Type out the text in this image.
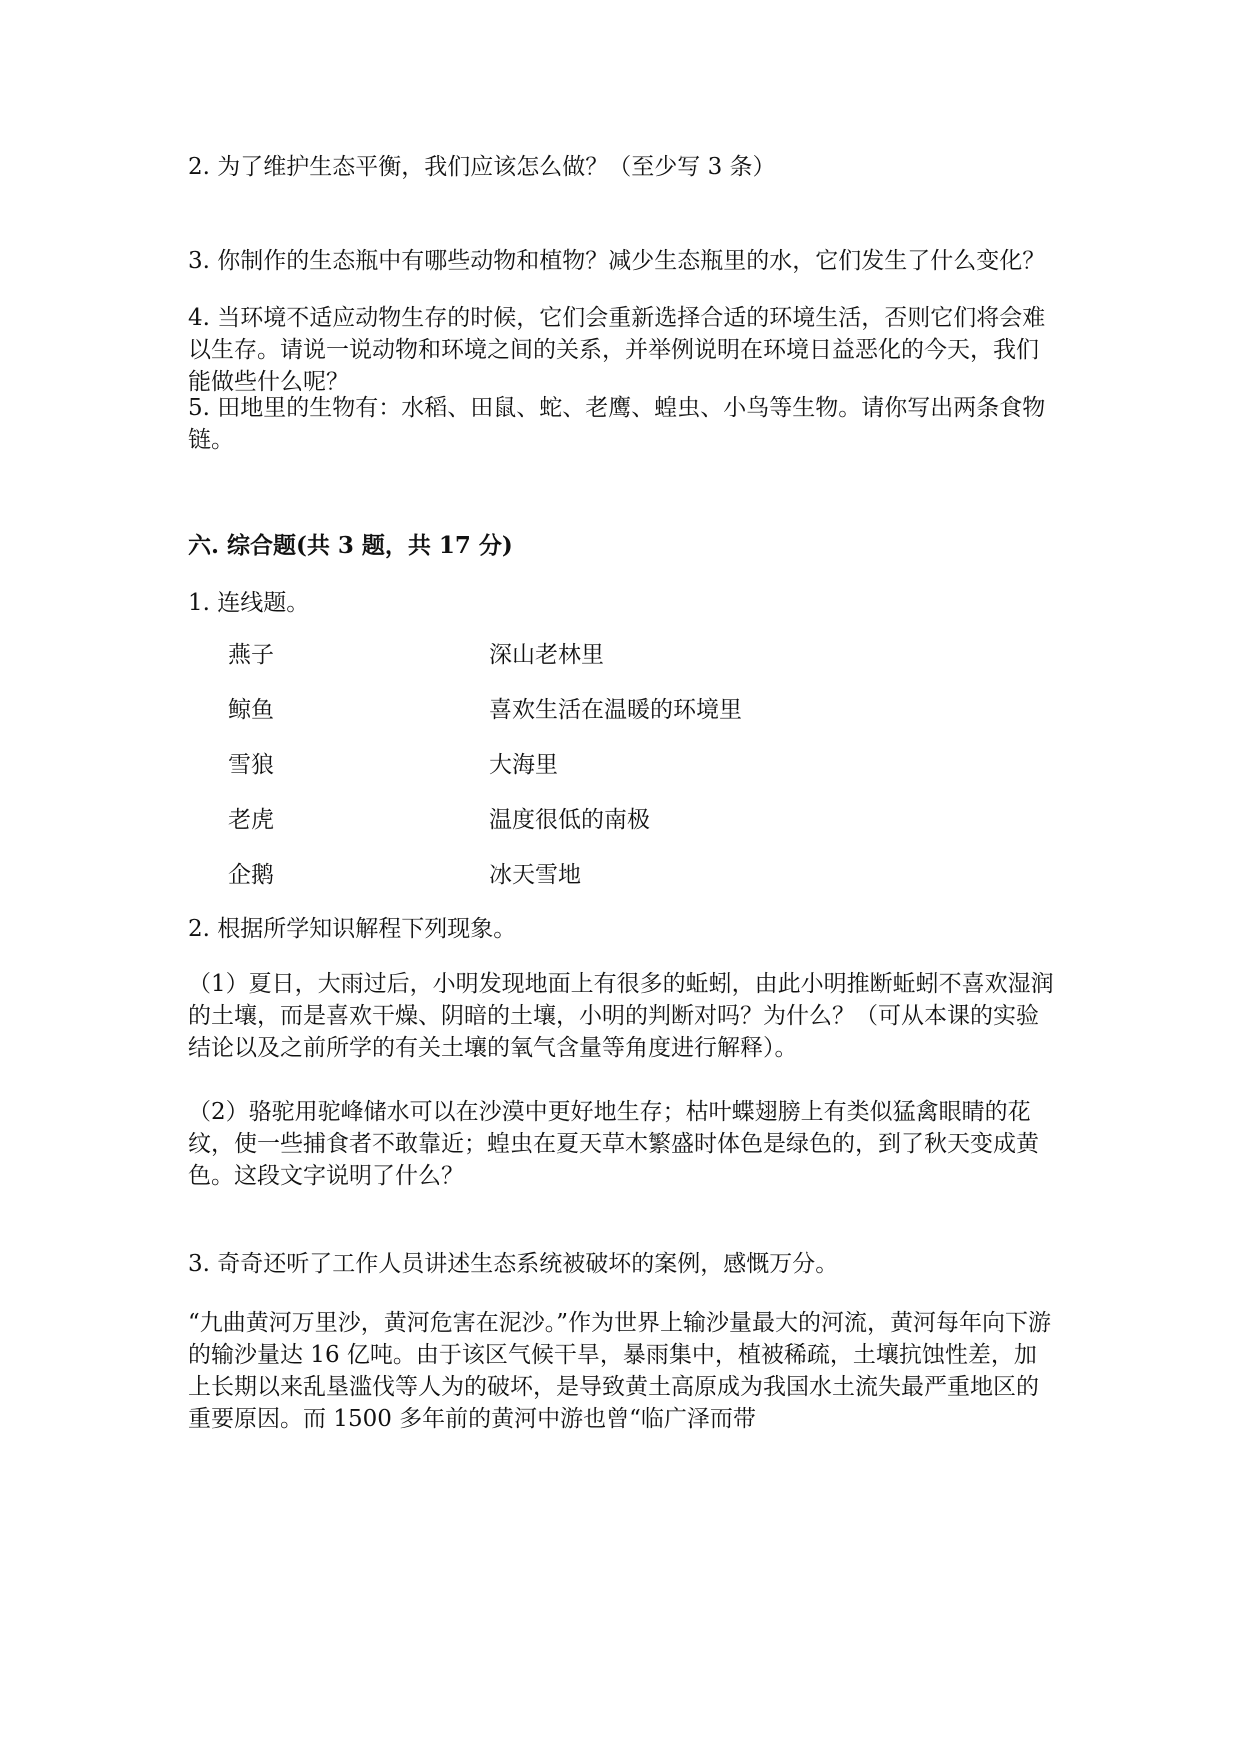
2. 为了维护生态平衡，我们应该怎么做？（至少写 3 条）
3. 你制作的生态瓶中有哪些动物和植物？减少生态瓶里的水，它们发生了什么变化？
4. 当环境不适应动物生存的时候，它们会重新选择合适的环境生活，否则它们将会难以生存。请说一说动物和环境之间的关系，并举例说明在环境日益恶化的今天，我们能做些什么呢？
5. 田地里的生物有：水稻、田鼠、蛇、老鹰、蝗虫、小鸟等生物。请你写出两条食物链。
六. 综合题(共 3 题，共 17 分)
1. 连线题。
燕子	深山老林里
鲸鱼	喜欢生活在温暖的环境里
雪狼	大海里
老虎	温度很低的南极
企鹅	冰天雪地
2. 根据所学知识解程下列现象。
（1）夏日，大雨过后，小明发现地面上有很多的蚯蚓，由此小明推断蚯蚓不喜欢湿润的土壤，而是喜欢干燥、阴暗的土壤，小明的判断对吗？为什么？（可从本课的实验结论以及之前所学的有关土壤的氧气含量等角度进行解释）。
（2）骆驼用驼峰储水可以在沙漠中更好地生存；枯叶蝶翅膀上有类似猛禽眼睛的花纹，使一些捕食者不敢靠近；蝗虫在夏天草木繁盛时体色是绿色的，到了秋天变成黄色。这段文字说明了什么？
3. 奇奇还听了工作人员讲述生态系统被破坏的案例，感慨万分。
“九曲黄河万里沙，黄河危害在泥沙。”作为世界上输沙量最大的河流，黄河每年向下游的输沙量达 16 亿吨。由于该区气候干旱，暴雨集中，植被稀疏，土壤抗蚀性差，加上长期以来乱垦滥伐等人为的破坏，是导致黄土高原成为我国水土流失最严重地区的重要原因。而 1500 多年前的黄河中游也曾“临广泽而带
